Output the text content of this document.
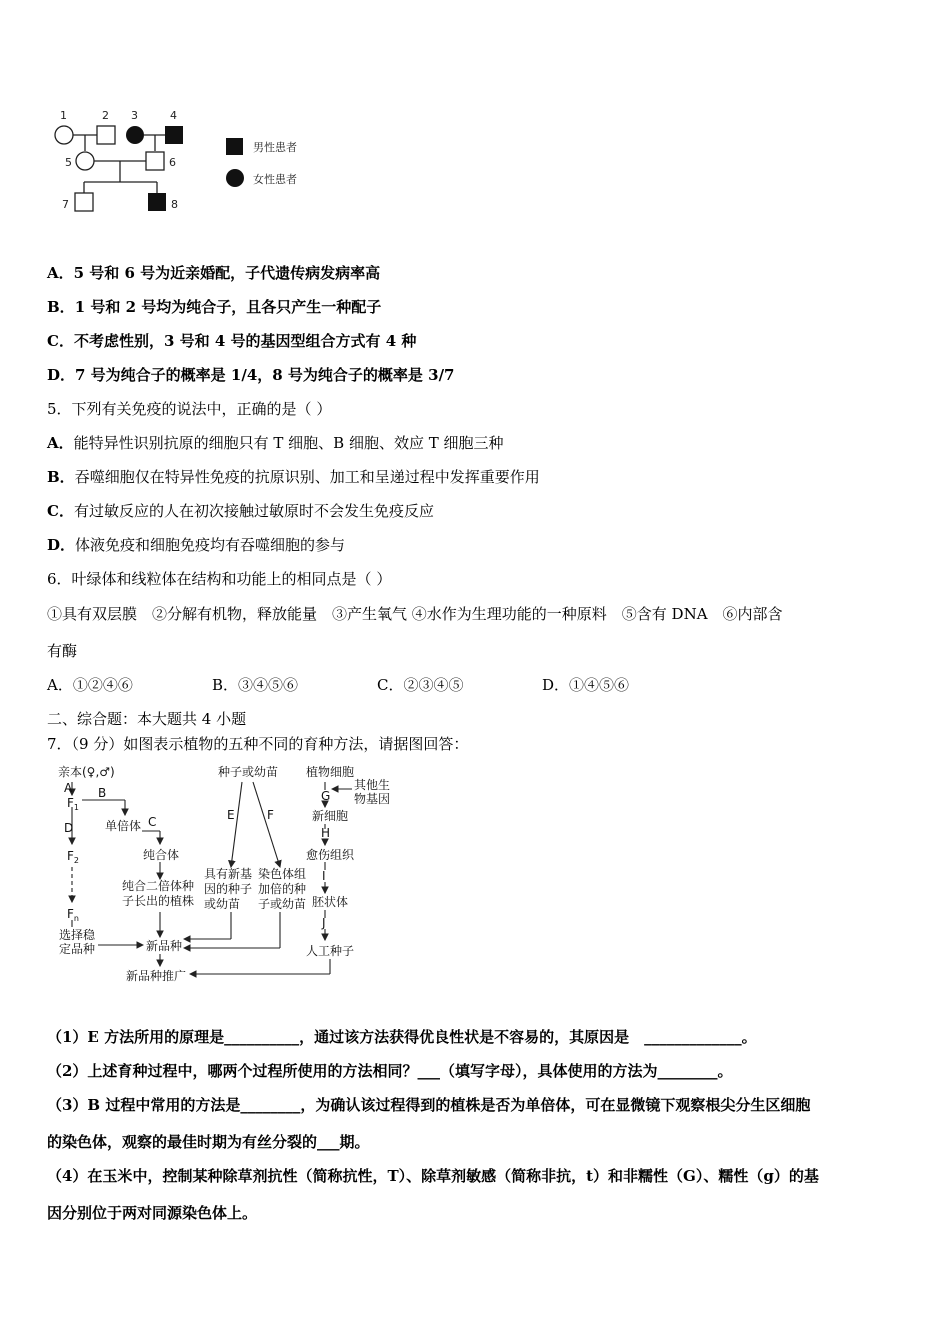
1	2 3	4
5	6
7	8
男性患者
女性患者
A．5 号和 6 号为近亲婚配，子代遗传病发病率高
B．1 号和 2 号均为纯合子，且各只产生一种配子
C．不考虑性别，3 号和 4 号的基因型组合方式有 4 种
D．7 号为纯合子的概率是 1/4，8 号为纯合子的概率是 3/7
5．下列有关免疫的说法中，正确的是（ ）
A．能特异性识别抗原的细胞只有 T 细胞、B 细胞、效应 T 细胞三种
B．吞噬细胞仅在特异性免疫的抗原识别、加工和呈递过程中发挥重要作用
C．有过敏反应的人在初次接触过敏原时不会发生免疫反应
D．体液免疫和细胞免疫均有吞噬细胞的参与
6．叶绿体和线粒体在结构和功能上的相同点是（ ）
①具有双层膜　②分解有机物，释放能量　③产生氧气 ④水作为生理功能的一种原料　⑤含有 DNA　⑥内部含
有酶
A．①②④⑥	B．③④⑤⑥	C．②③④⑤	D．①④⑤⑥
二、综合题：本大题共 4 小题
7．（9 分）如图表示植物的五种不同的育种方法，请据图回答：
亲本(♀,♂)
A
$F_1$
B
单倍体 C
D
纯合体
$F_2$
纯合二倍体种
子长出的植株
$F_n$
选择稳
定品种	新品种
新品种推广
种子或幼苗
E	F
具有新基
因的种子
或幼苗
染色体组
加倍的种
子或幼苗
植物细胞
G
其他生
物基因
新细胞
H
愈伤组织
I
胚状体
J
人工种子
（1）E 方法所用的原理是__________，通过该方法获得优良性状是不容易的，其原因是　_____________。
（2）上述育种过程中，哪两个过程所使用的方法相同？___（填写字母），具体使用的方法为________。
（3）B 过程中常用的方法是________，为确认该过程得到的植株是否为单倍体，可在显微镜下观察根尖分生区细胞
的染色体，观察的最佳时期为有丝分裂的___期。
（4）在玉米中，控制某种除草剂抗性（简称抗性，T）、除草剂敏感（简称非抗，t）和非糯性（G）、糯性（g）的基
因分别位于两对同源染色体上。
